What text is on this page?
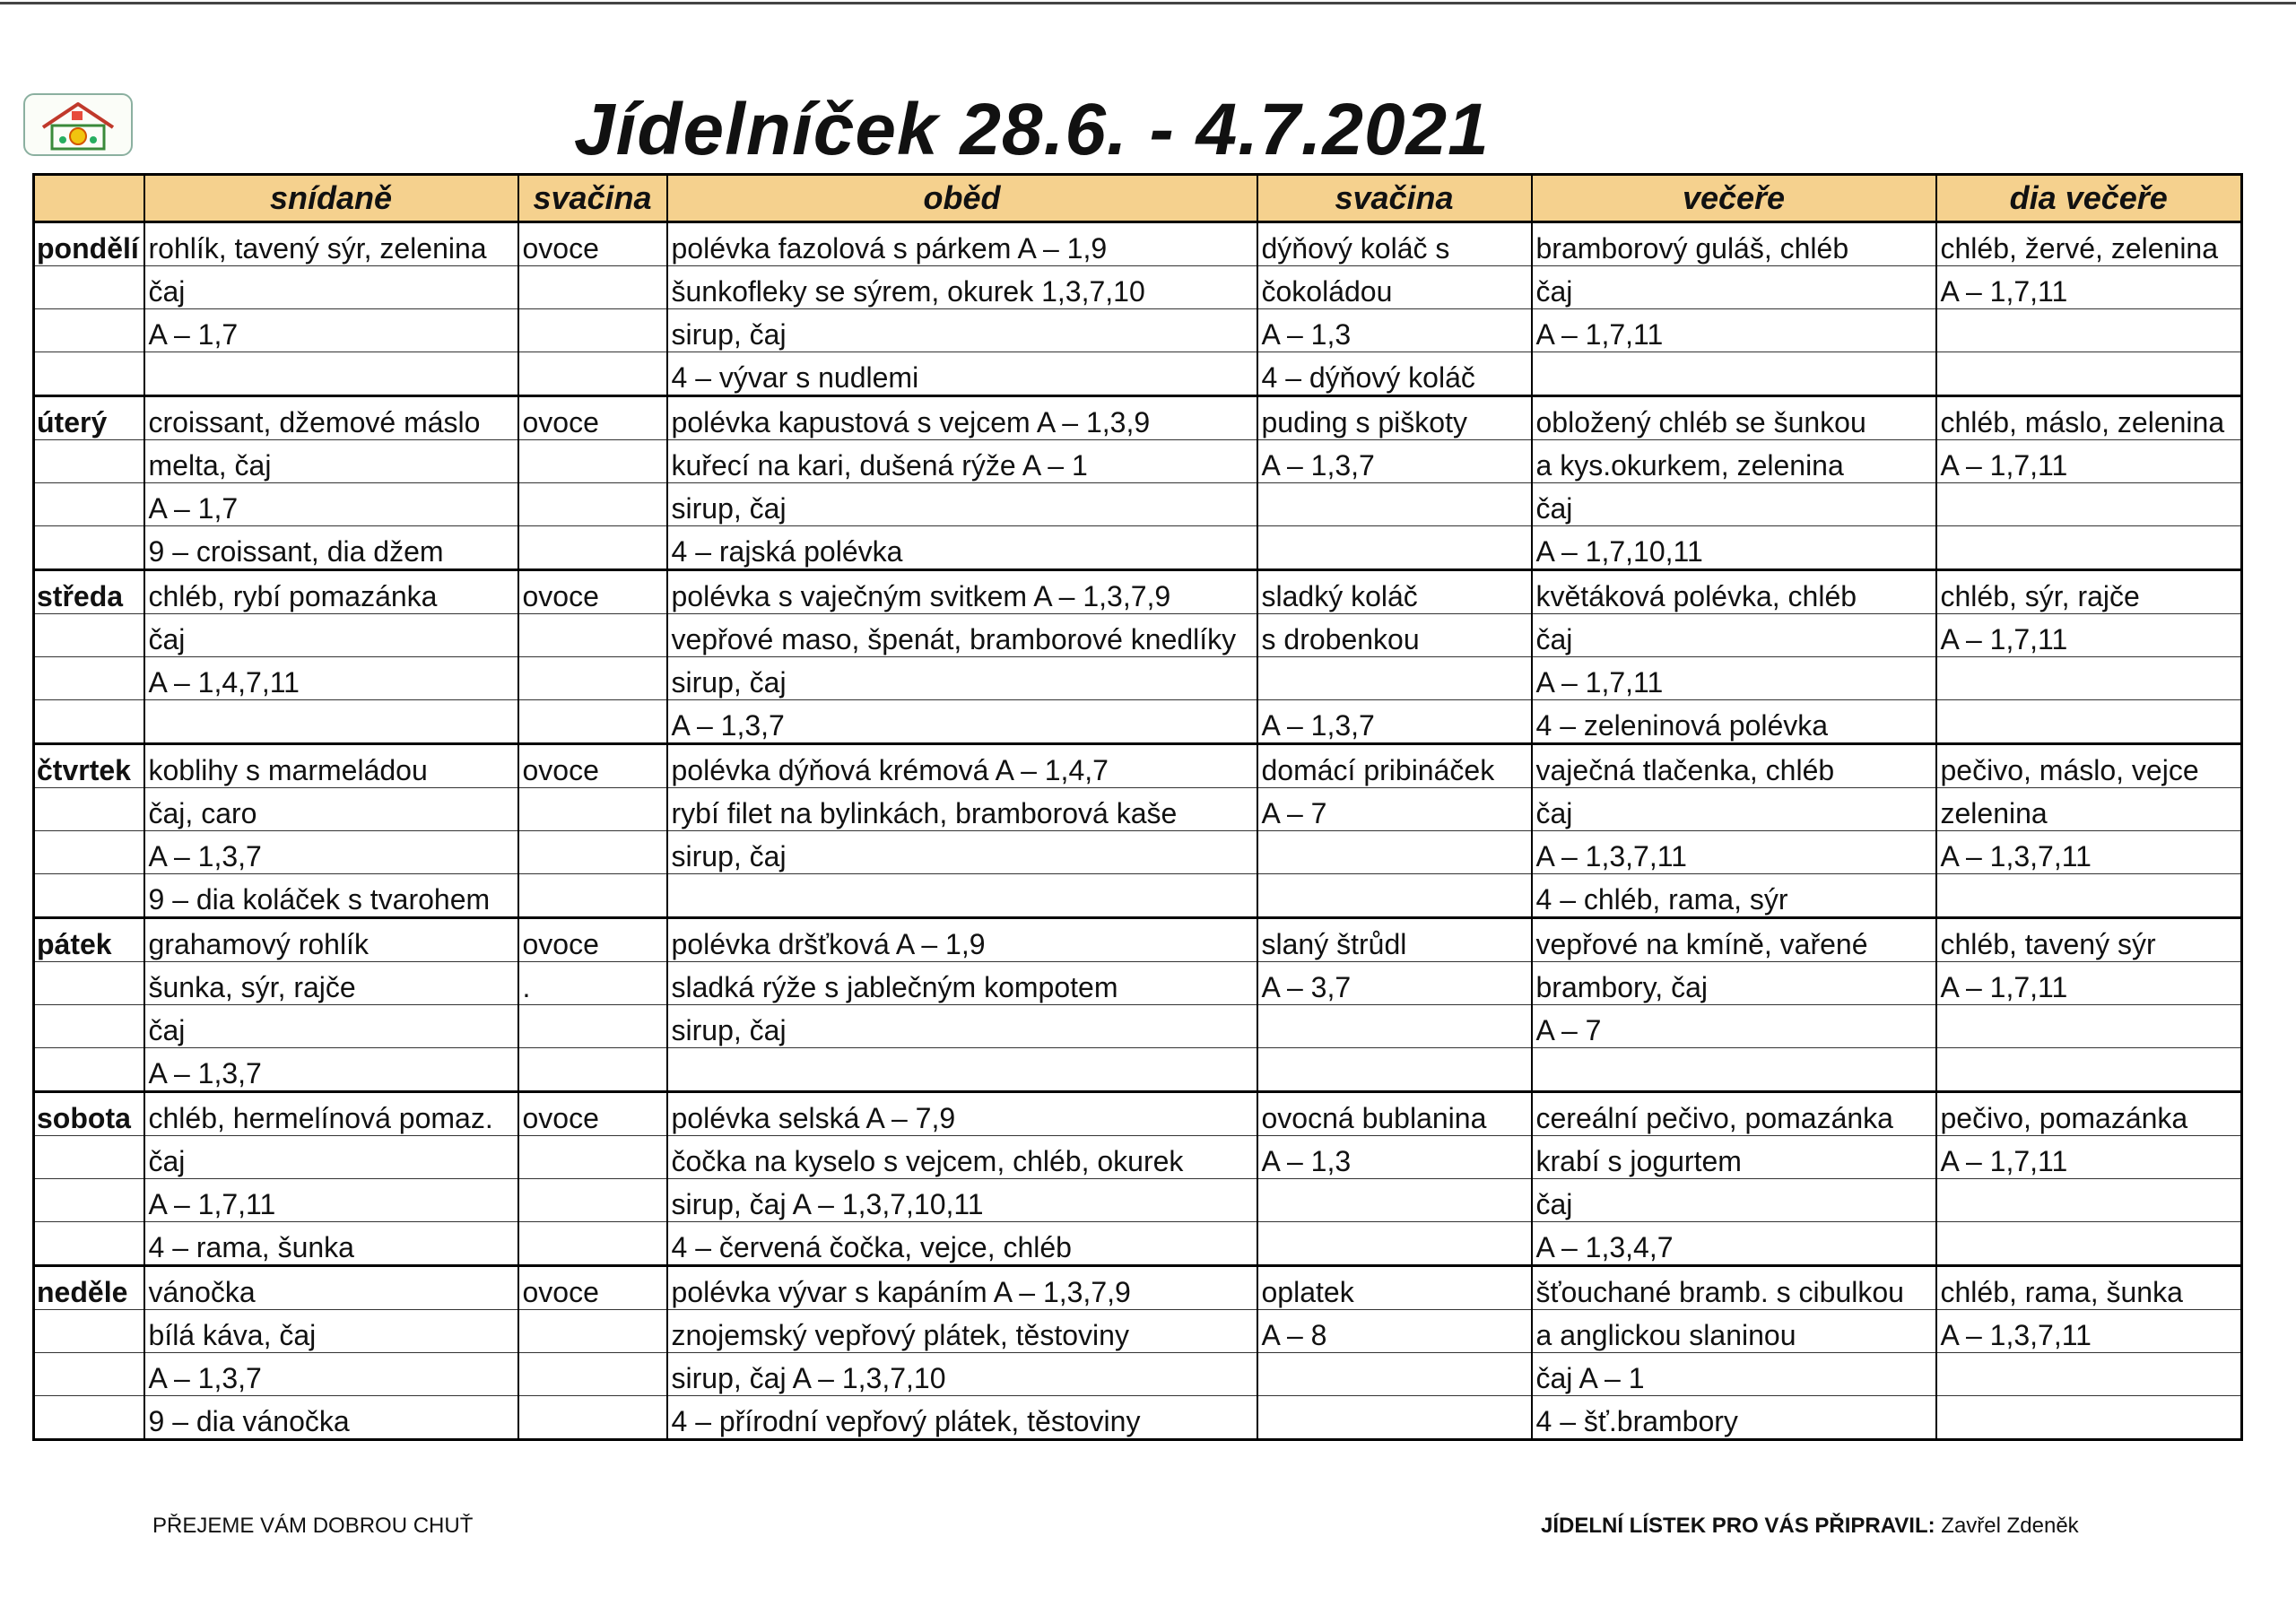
Jídelníček 28.6. - 4.7.2021
	snídaně	svačina	oběd	svačina	večeře	dia večeře
pondělí	rohlík, tavený sýr, zelenina	ovoce	polévka fazolová s párkem A – 1,9	dýňový koláč s	bramborový guláš, chléb	chléb, žervé, zelenina
	čaj		šunkofleky se sýrem, okurek 1,3,7,10	čokoládou	čaj	A – 1,7,11
	A – 1,7		sirup, čaj	A – 1,3	A – 1,7,11	
			4 – vývar s nudlemi	4 – dýňový koláč		
úterý	croissant, džemové máslo	ovoce	polévka kapustová s vejcem A – 1,3,9	puding s piškoty	obložený chléb se šunkou	chléb, máslo, zelenina
	melta, čaj		kuřecí na kari, dušená rýže A – 1	A – 1,3,7	a kys.okurkem, zelenina	A – 1,7,11
	A – 1,7		sirup, čaj		čaj	
	9 – croissant, dia džem		4 – rajská polévka		A – 1,7,10,11	
středa	chléb, rybí pomazánka	ovoce	polévka s vaječným svitkem A – 1,3,7,9	sladký koláč	květáková polévka, chléb	chléb, sýr, rajče
	čaj		vepřové maso, špenát, bramborové knedlíky	s drobenkou	čaj	A – 1,7,11
	A – 1,4,7,11		sirup, čaj		A – 1,7,11	
			A – 1,3,7	A – 1,3,7	4 – zeleninová polévka	
čtvrtek	koblihy s marmeládou	ovoce	polévka dýňová krémová A – 1,4,7	domácí pribináček	vaječná tlačenka, chléb	pečivo, máslo, vejce
	čaj, caro		rybí filet na bylinkách, bramborová kaše	A – 7	čaj	zelenina
	A – 1,3,7		sirup, čaj		A – 1,3,7,11	A – 1,3,7,11
	9 – dia koláček s tvarohem				4 – chléb, rama, sýr	
pátek	grahamový rohlík	ovoce	polévka dršťková A – 1,9	slaný štrůdl	vepřové na kmíně, vařené	chléb, tavený sýr
	šunka, sýr, rajče	.	sladká rýže s jablečným kompotem	A – 3,7	brambory, čaj	A – 1,7,11
	čaj		sirup, čaj		A – 7	
	A – 1,3,7					
sobota	chléb, hermelínová pomaz.	ovoce	polévka selská A – 7,9	ovocná bublanina	cereální pečivo, pomazánka	pečivo, pomazánka
	čaj		čočka na kyselo s vejcem, chléb, okurek	A – 1,3	krabí s jogurtem	A – 1,7,11
	A – 1,7,11		sirup, čaj A – 1,3,7,10,11		čaj	
	4 – rama, šunka		4 – červená čočka, vejce, chléb		A – 1,3,4,7	
neděle	vánočka	ovoce	polévka vývar s kapáním A – 1,3,7,9	oplatek	šťouchané bramb. s cibulkou	chléb, rama, šunka
	bílá káva, čaj		znojemský vepřový plátek, těstoviny	A – 8	a anglickou slaninou	A – 1,3,7,11
	A – 1,3,7		sirup, čaj A – 1,3,7,10		čaj A – 1	
	9 – dia vánočka		4 – přírodní vepřový plátek, těstoviny		4 – šť.brambory	
PŘEJEME VÁM DOBROU CHUŤ	JÍDELNÍ LÍSTEK PRO VÁS PŘIPRAVIL: Zavřel Zdeněk
